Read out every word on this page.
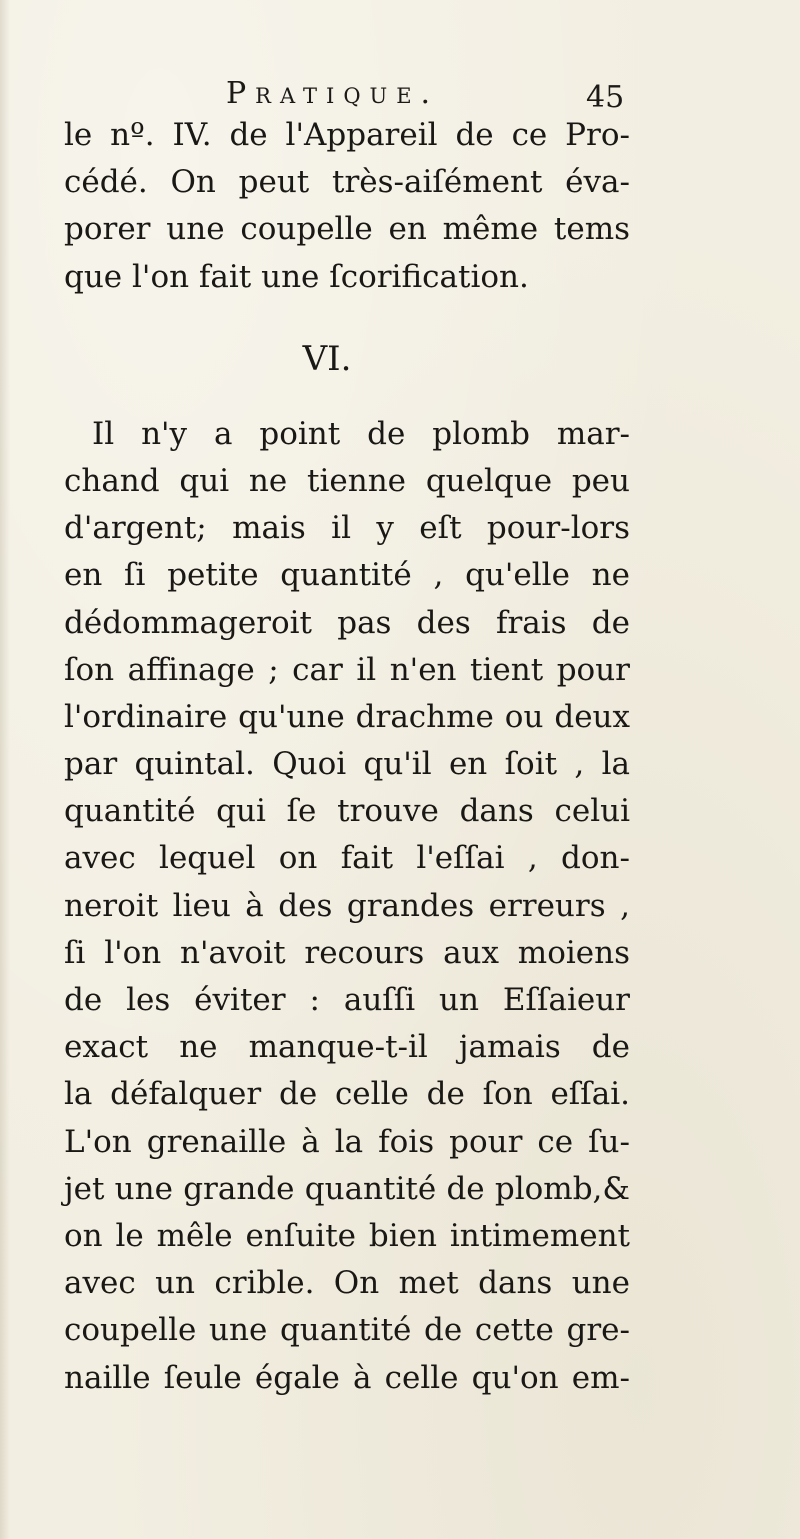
Pratique.	45
le nº. IV. de l'Appareil de ce Pro-
cédé. On peut très-aiſément éva-
porer une coupelle en même tems
que l'on fait une ſcorification.
VI.
Il n'y a point de plomb mar-
chand qui ne tienne quelque peu
d'argent; mais il y eſt pour-lors
en ſi petite quantité , qu'elle ne
dédommageroit pas des frais de
ſon affinage ; car il n'en tient pour
l'ordinaire qu'une drachme ou deux
par quintal. Quoi qu'il en ſoit , la
quantité qui ſe trouve dans celui
avec lequel on fait l'eſſai , don-
neroit lieu à des grandes erreurs ,
ſi l'on n'avoit recours aux moiens
de les éviter : auſſi un Eſſaieur
exact ne manque-t-il jamais de
la défalquer de celle de ſon eſſai.
L'on grenaille à la fois pour ce ſu-
jet une grande quantité de plomb,&
on le mêle enſuite bien intimement
avec un crible. On met dans une
coupelle une quantité de cette gre-
naille ſeule égale à celle qu'on em-
